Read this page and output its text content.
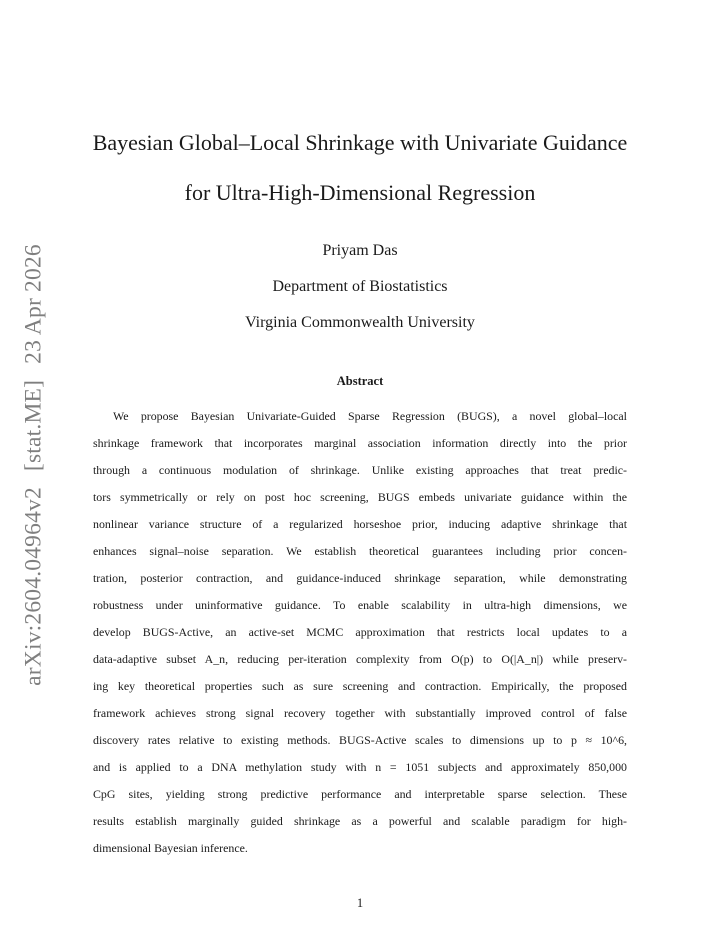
arXiv:2604.04964v2[stat.ME]23 Apr 2026
Bayesian Global–Local Shrinkage with Univariate Guidance
for Ultra-High-Dimensional Regression
Priyam Das
Department of Biostatistics
Virginia Commonwealth University
Abstract
We propose Bayesian Univariate-Guided Sparse Regression (BUGS), a novel global–local
shrinkage framework that incorporates marginal association information directly into the prior
through a continuous modulation of shrinkage. Unlike existing approaches that treat predic-
tors symmetrically or rely on post hoc screening, BUGS embeds univariate guidance within the
nonlinear variance structure of a regularized horseshoe prior, inducing adaptive shrinkage that
enhances signal–noise separation. We establish theoretical guarantees including prior concen-
tration, posterior contraction, and guidance-induced shrinkage separation, while demonstrating
robustness under uninformative guidance. To enable scalability in ultra-high dimensions, we
develop BUGS-Active, an active-set MCMC approximation that restricts local updates to a
data-adaptive subset A_n, reducing per-iteration complexity from O(p) to O(|A_n|) while preserv-
ing key theoretical properties such as sure screening and contraction. Empirically, the proposed
framework achieves strong signal recovery together with substantially improved control of false
discovery rates relative to existing methods. BUGS-Active scales to dimensions up to p ≈ 10^6,
and is applied to a DNA methylation study with n = 1051 subjects and approximately 850,000
CpG sites, yielding strong predictive performance and interpretable sparse selection. These
results establish marginally guided shrinkage as a powerful and scalable paradigm for high-
dimensional Bayesian inference.
1
